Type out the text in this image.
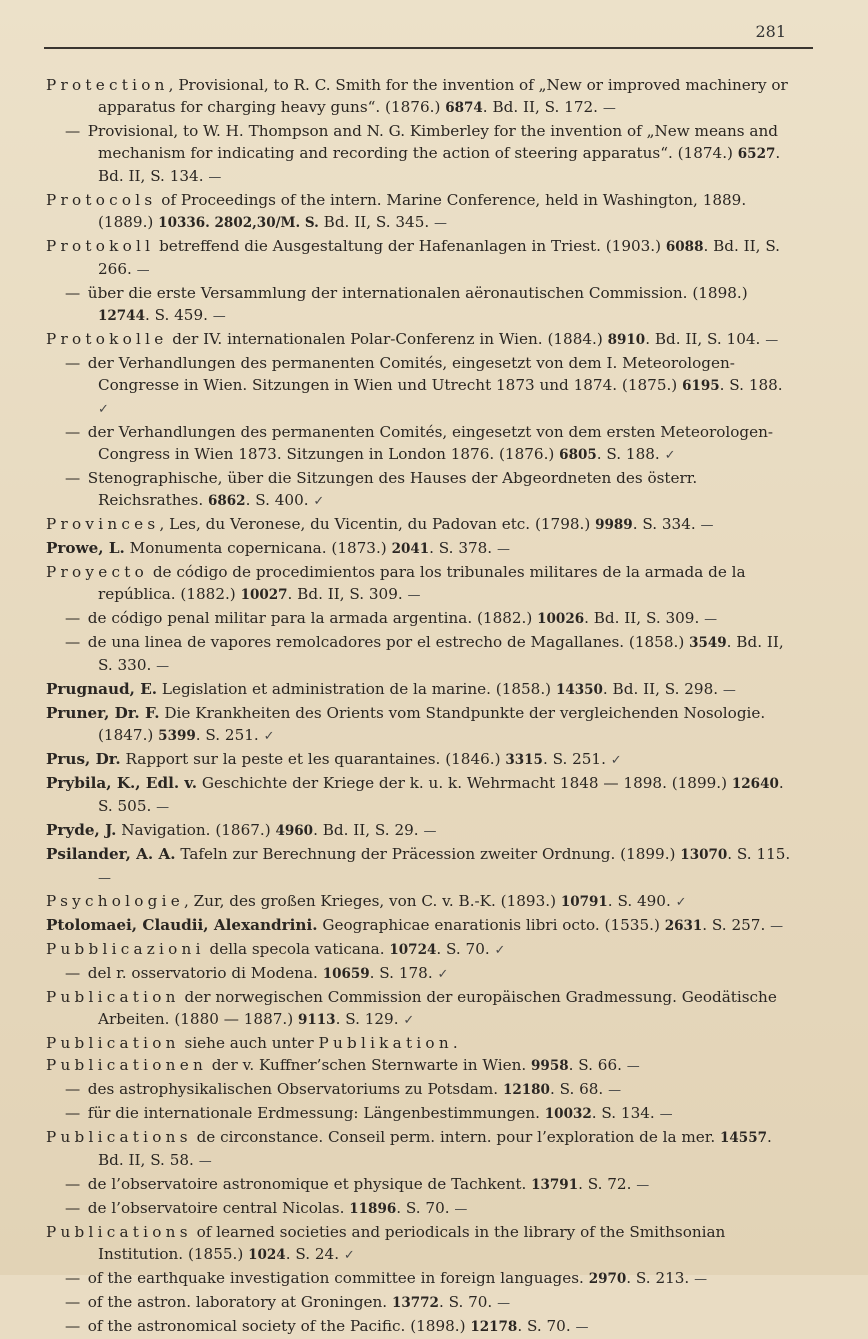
281
Protection, Provisional, to R. C. Smith for the invention of „New or improved machinery or apparatus for charging heavy guns“. (1876.) 6874. Bd. II, S. 172. —
—  Provisional, to W. H. Thompson and N. G. Kimberley for the invention of „New means and mechanism for indicating and recording the action of steering apparatus“. (1874.) 6527. Bd. II, S. 134. —
Protocols of Proceedings of the intern. Marine Conference, held in Washington, 1889. (1889.) 10336. 2802,30/M. S. Bd. II, S. 345. —
Protokoll betreffend die Ausgestaltung der Hafenanlagen in Triest. (1903.) 6088. Bd. II, S. 266. —
—  über die erste Versammlung der internationalen aëronautischen Commission. (1898.) 12744. S. 459. —
Protokolle der IV. internationalen Polar-Conferenz in Wien. (1884.) 8910. Bd. II, S. 104. —
—  der Verhandlungen des permanenten Comités, eingesetzt von dem I. Meteorologen-Congresse in Wien. Sitzungen in Wien und Utrecht 1873 und 1874. (1875.) 6195. S. 188. ✓
—  der Verhandlungen des permanenten Comités, eingesetzt von dem ersten Meteorologen-Congress in Wien 1873. Sitzungen in London 1876. (1876.) 6805. S. 188. ✓
—  Stenographische, über die Sitzungen des Hauses der Abgeordneten des österr. Reichsrathes. 6862. S. 400. ✓
Provinces, Les, du Veronese, du Vicentin, du Padovan etc. (1798.) 9989. S. 334. —
Prowe, L. Monumenta copernicana. (1873.) 2041. S. 378. —
Proyecto de código de procedimientos para los tribunales militares de la armada de la república. (1882.) 10027. Bd. II, S. 309. —
—  de código penal militar para la armada argentina. (1882.) 10026. Bd. II, S. 309. —
—  de una linea de vapores remolcadores por el estrecho de Magallanes. (1858.) 3549. Bd. II, S. 330. —
Prugnaud, E. Legislation et administration de la marine. (1858.) 14350. Bd. II, S. 298. —
Pruner, Dr. F. Die Krankheiten des Orients vom Standpunkte der vergleichenden Nosologie. (1847.) 5399. S. 251. ✓
Prus, Dr. Rapport sur la peste et les quarantaines. (1846.) 3315. S. 251. ✓
Prybila, K., Edl. v. Geschichte der Kriege der k. u. k. Wehrmacht 1848 — 1898. (1899.) 12640. S. 505. —
Pryde, J. Navigation. (1867.) 4960. Bd. II, S. 29. —
Psilander, A. A. Tafeln zur Berechnung der Präcession zweiter Ordnung. (1899.) 13070. S. 115. —
Psychologie, Zur, des großen Krieges, von C. v. B.-K. (1893.) 10791. S. 490. ✓
Ptolomaei, Claudii, Alexandrini. Geographicae enarationis libri octo. (1535.) 2631. S. 257. —
Pubblicazioni della specola vaticana. 10724. S. 70. ✓
—  del r. osservatorio di Modena. 10659. S. 178. ✓
Publication der norwegischen Commission der europäischen Gradmessung. Geodätische Arbeiten. (1880 — 1887.) 9113. S. 129. ✓
Publication siehe auch unter Publikation.
Publicationen der v. Kuffner’schen Sternwarte in Wien. 9958. S. 66. —
—  des astrophysikalischen Observatoriums zu Potsdam. 12180. S. 68. —
—  für die internationale Erdmessung: Längenbestimmungen. 10032. S. 134. —
Publications de circonstance. Conseil perm. intern. pour l’exploration de la mer. 14557. Bd. II, S. 58. —
—  de l’observatoire astronomique et physique de Tachkent. 13791. S. 72. —
—  de l’observatoire central Nicolas. 11896. S. 70. —
Publications of learned societies and periodicals in the library of the Smithsonian Institution. (1855.) 1024. S. 24. ✓
—  of the earthquake investigation committee in foreign languages. 2970. S. 213. —
—  of the astron. laboratory at Groningen. 13772. S. 70. —
—  of the astronomical society of the Pacific. (1898.) 12178. S. 70. —
